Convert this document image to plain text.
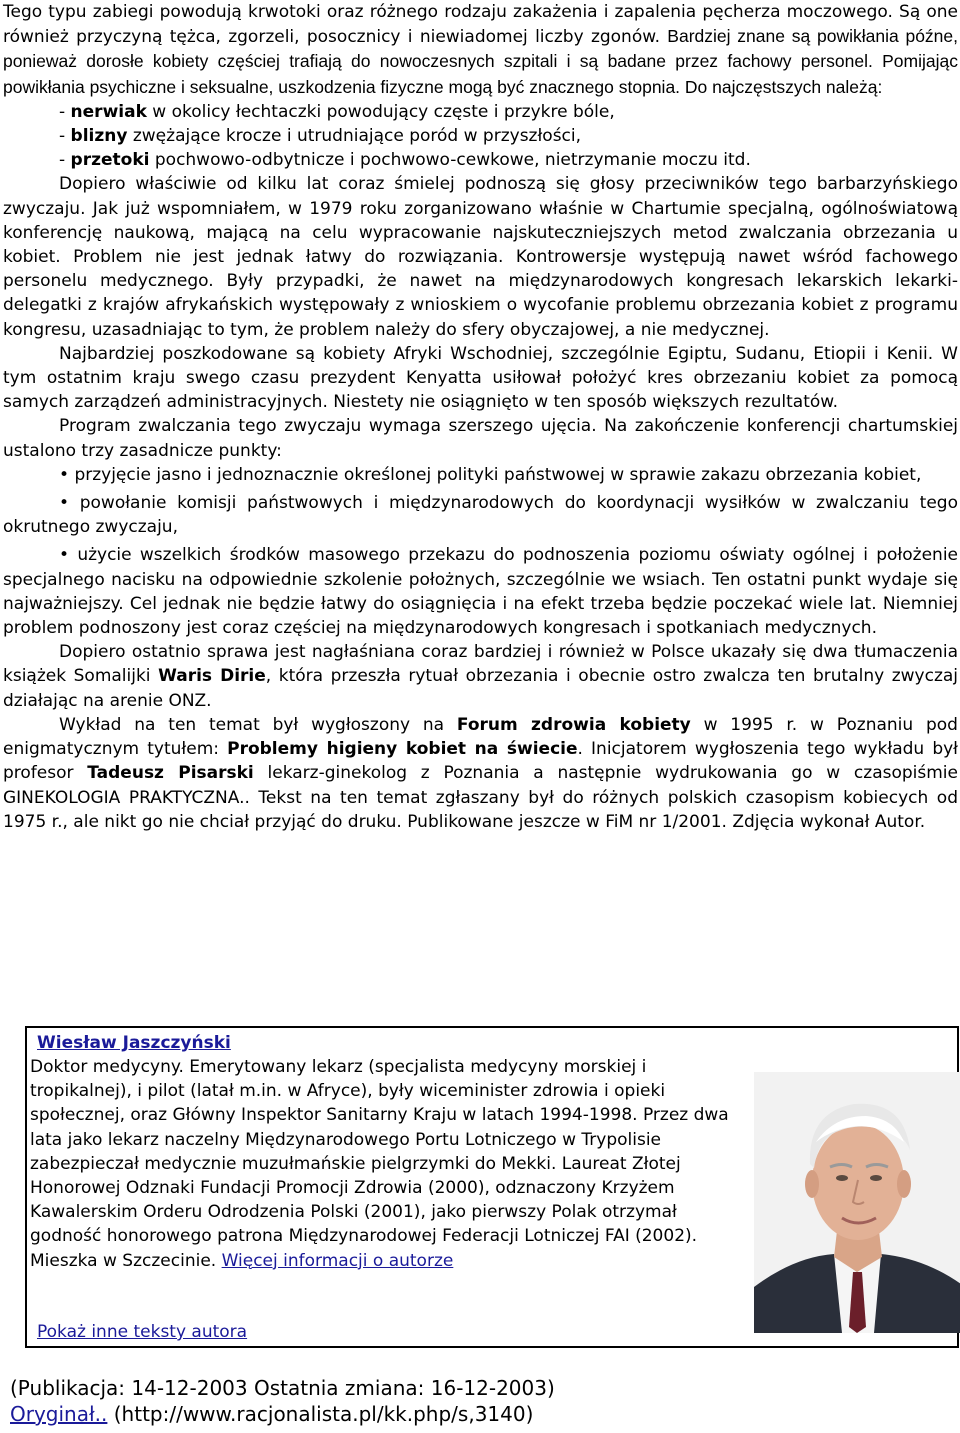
Tego typu zabiegi powodują krwotoki oraz różnego rodzaju zakażenia i zapalenia pęcherza moczowego. Są one również przyczyną tężca, zgorzeli, posocznicy i niewiadomej liczby zgonów. Bardziej znane są powikłania późne, ponieważ dorosłe kobiety częściej trafiają do nowoczesnych szpitali i są badane przez fachowy personel. Pomijając powikłania psychiczne i seksualne, uszkodzenia fizyczne mogą być znacznego stopnia. Do najczęstszych należą:

- nerwiak w okolicy łechtaczki powodujący częste i przykre bóle,
- blizny zwężające krocze i utrudniające poród w przyszłości,
- przetoki pochwowo-odbytnicze i pochwowo-cewkowe, nietrzymanie moczu itd.

Dopiero właściwie od kilku lat coraz śmielej podnoszą się głosy przeciwników tego barbarzyńskiego zwyczaju. Jak już wspomniałem, w 1979 roku zorganizowano właśnie w Chartumie specjalną, ogólnoświatową konferencję naukową, mającą na celu wypracowanie najskuteczniejszych metod zwalczania obrzezania u kobiet. Problem nie jest jednak łatwy do rozwiązania. Kontrowersje występują nawet wśród fachowego personelu medycznego. Były przypadki, że nawet na międzynarodowych kongresach lekarskich lekarki-delegatki z krajów afrykańskich występowały z wnioskiem o wycofanie problemu obrzezania kobiet z programu kongresu, uzasadniając to tym, że problem należy do sfery obyczajowej, a nie medycznej.

Najbardziej poszkodowane są kobiety Afryki Wschodniej, szczególnie Egiptu, Sudanu, Etiopii i Kenii. W tym ostatnim kraju swego czasu prezydent Kenyatta usiłował położyć kres obrzezaniu kobiet za pomocą samych zarządzeń administracyjnych. Niestety nie osiągnięto w ten sposób większych rezultatów.

Program zwalczania tego zwyczaju wymaga szerszego ujęcia. Na zakończenie konferencji chartumskiej ustalono trzy zasadnicze punkty:

• przyjęcie jasno i jednoznacznie określonej polityki państwowej w sprawie zakazu obrzezania kobiet,

• powołanie komisji państwowych i międzynarodowych do koordynacji wysiłków w zwalczaniu tego okrutnego zwyczaju,

• użycie wszelkich środków masowego przekazu do podnoszenia poziomu oświaty ogólnej i położenie specjalnego nacisku na odpowiednie szkolenie położnych, szczególnie we wsiach. Ten ostatni punkt wydaje się najważniejszy. Cel jednak nie będzie łatwy do osiągnięcia i na efekt trzeba będzie poczekać wiele lat. Niemniej problem podnoszony jest coraz częściej na międzynarodowych kongresach i spotkaniach medycznych.

Dopiero ostatnio sprawa jest nagłaśniana coraz bardziej i również w Polsce ukazały się dwa tłumaczenia książek Somalijki Waris Dirie, która przeszła rytuał obrzezania i obecnie ostro zwalcza ten brutalny zwyczaj działając na arenie ONZ.

Wykład na ten temat był wygłoszony na Forum zdrowia kobiety w 1995 r. w Poznaniu pod enigmatycznym tytułem: Problemy higieny kobiet na świecie. Inicjatorem wygłoszenia tego wykładu był profesor Tadeusz Pisarski lekarz-ginekolog z Poznania a następnie wydrukowania go w czasopiśmie GINEKOLOGIA PRAKTYCZNA.. Tekst na ten temat zgłaszany był do różnych polskich czasopism kobiecych od 1975 r., ale nikt go nie chciał przyjąć do druku. Publikowane jeszcze w FiM nr 1/2001. Zdjęcia wykonał Autor.

Wiesław Jaszczyński
Doktor medycyny. Emerytowany lekarz (specjalista medycyny morskiej i tropikalnej), i pilot (latał m.in. w Afryce), były wiceminister zdrowia i opieki społecznej, oraz Główny Inspektor Sanitarny Kraju w latach 1994-1998. Przez dwa lata jako lekarz naczelny Międzynarodowego Portu Lotniczego w Trypolisie zabezpieczał medycznie muzułmańskie pielgrzymki do Mekki. Laureat Złotej Honorowej Odznaki Fundacji Promocji Zdrowia (2000), odznaczony Krzyżem Kawalerskim Orderu Odrodzenia Polski (2001), jako pierwszy Polak otrzymał godność honorowego patrona Międzynarodowej Federacji Lotniczej FAI (2002). Mieszka w Szczecinie. Więcej informacji o autorze
Pokaż inne teksty autora
(Publikacja: 14-12-2003 Ostatnia zmiana: 16-12-2003)
Oryginał.. (http://www.racjonalista.pl/kk.php/s,3140)
